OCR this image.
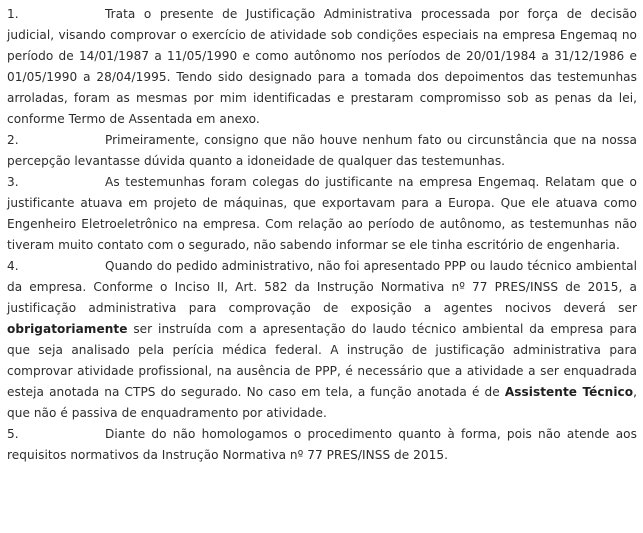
1.	Trata o presente de Justificação Administrativa processada por força de decisão judicial, visando comprovar o exercício de atividade sob condições especiais na empresa Engemaq no período de 14/01/1987 a 11/05/1990 e como autônomo nos períodos de 20/01/1984 a 31/12/1986 e 01/05/1990 a 28/04/1995. Tendo sido designado para a tomada dos depoimentos das testemunhas arroladas, foram as mesmas por mim identificadas e prestaram compromisso sob as penas da lei, conforme Termo de Assentada em anexo.

2.	Primeiramente, consigno que não houve nenhum fato ou circunstância que na nossa percepção levantasse dúvida quanto a idoneidade de qualquer das testemunhas.

3.	As testemunhas foram colegas do justificante na empresa Engemaq. Relatam que o justificante atuava em projeto de máquinas, que exportavam para a Europa. Que ele atuava como Engenheiro Eletroeletrônico na empresa. Com relação ao período de autônomo, as testemunhas não tiveram muito contato com o segurado, não sabendo informar se ele tinha escritório de engenharia.

4.	Quando do pedido administrativo, não foi apresentado PPP ou laudo técnico ambiental da empresa. Conforme o Inciso II, Art. 582 da Instrução Normativa nº 77 PRES/INSS de 2015, a justificação administrativa para comprovação de exposição a agentes nocivos deverá ser obrigatoriamente ser instruída com a apresentação do laudo técnico ambiental da empresa para que seja analisado pela perícia médica federal. A instrução de justificação administrativa para comprovar atividade profissional, na ausência de PPP, é necessário que a atividade a ser enquadrada esteja anotada na CTPS do segurado. No caso em tela, a função anotada é de Assistente Técnico, que não é passiva de enquadramento por atividade.

5.	Diante do não homologamos o procedimento quanto à forma, pois não atende aos requisitos normativos da Instrução Normativa nº 77 PRES/INSS de 2015.
